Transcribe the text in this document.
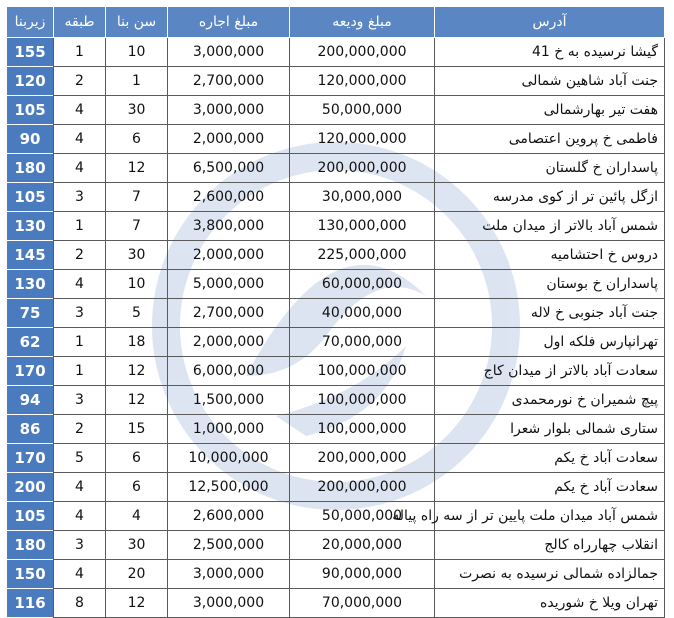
آدرس	مبلغ ودیعه	مبلغ اجاره	سن بنا	طبقه	زیربنا
گیشا نرسیده به خ 41	200,000,000	3,000,000	10	1	155
جنت آباد شاهین شمالی	120,000,000	2,700,000	1	2	120
هفت تیر بهارشمالی	50,000,000	3,000,000	30	4	105
فاطمی خ پروین اعتصامی	120,000,000	2,000,000	6	4	90
پاسداران خ گلستان	200,000,000	6,500,000	12	4	180
ازگل پائین تر از کوی مدرسه	30,000,000	2,600,000	7	3	105
شمس آباد بالاتر از میدان ملت	130,000,000	3,800,000	7	1	130
دروس خ احتشامیه	225,000,000	2,000,000	30	2	145
پاسداران خ بوستان	60,000,000	5,000,000	10	4	130
جنت آباد جنوبی خ لاله	40,000,000	2,700,000	5	3	75
تهرانپارس فلکه اول	70,000,000	2,000,000	18	1	62
سعادت آباد بالاتر از میدان کاج	100,000,000	6,000,000	12	1	170
پیچ شمیران خ نورمحمدی	100,000,000	1,500,000	12	3	94
ستاری شمالی بلوار شعرا	100,000,000	1,000,000	15	2	86
سعادت آباد خ یکم	200,000,000	10,000,000	6	5	170
سعادت آباد خ یکم	200,000,000	12,500,000	6	4	200
شمس آباد میدان ملت پایین تر از سه راه پیاله	50,000,000	2,600,000	4	4	105
انقلاب چهارراه کالج	20,000,000	2,500,000	30	3	180
جمالزاده شمالی نرسیده به نصرت	90,000,000	3,000,000	20	4	150
تهران ویلا خ شوریده	70,000,000	3,000,000	12	8	116
